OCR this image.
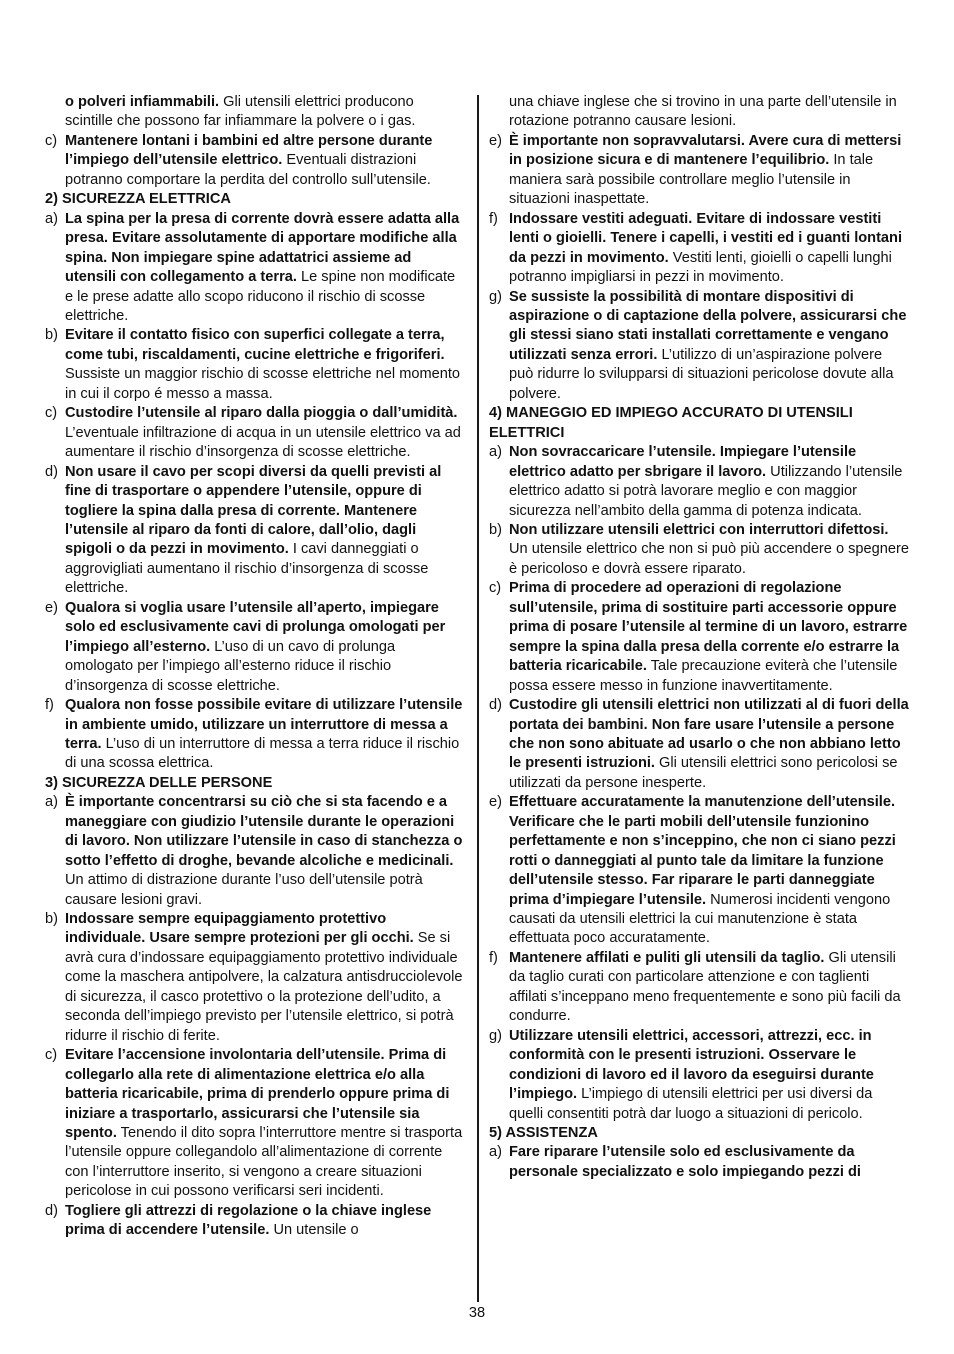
o polveri infiammabili. Gli utensili elettrici producono scintille che possono far infiammare la polvere o i gas.
c) Mantenere lontani i bambini ed altre persone durante l’impiego dell’utensile elettrico. Eventuali distrazioni potranno comportare la perdita del controllo sull’utensile.
2) SICUREZZA ELETTRICA
a) La spina per la presa di corrente dovrà essere adatta alla presa. Evitare assolutamente di apportare modifiche alla spina. Non impiegare spine adattatrici assieme ad utensili con collegamento a terra. Le spine non modificate e le prese adatte allo scopo riducono il rischio di scosse elettriche.
b) Evitare il contatto fisico con superfici collegate a terra, come tubi, riscaldamenti, cucine elettriche e frigoriferi. Sussiste un maggior rischio di scosse elettriche nel momento in cui il corpo é messo a massa.
c) Custodire l’utensile al riparo dalla pioggia o dall’umidità. L’eventuale infiltrazione di acqua in un utensile elettrico va ad aumentare il rischio d’insorgenza di scosse elettriche.
d) Non usare il cavo per scopi diversi da quelli previsti al fine di trasportare o appendere l’utensile, oppure di togliere la spina dalla presa di corrente. Mantenere l’utensile al riparo da fonti di calore, dall’olio, dagli spigoli o da pezzi in movimento. I cavi danneggiati o aggrovigliati aumentano il rischio d’insorgenza di scosse elettriche.
e) Qualora si voglia usare l’utensile all’aperto, impiegare solo ed esclusivamente cavi di prolunga omologati per l’impiego all’esterno. L’uso di un cavo di prolunga omologato per l’impiego all’esterno riduce il rischio d’insorgenza di scosse elettriche.
f) Qualora non fosse possibile evitare di utilizzare l’utensile in ambiente umido, utilizzare un interruttore di messa a terra. L’uso di un interruttore di messa a terra riduce il rischio di una scossa elettrica.
3) SICUREZZA DELLE PERSONE
a) È importante concentrarsi su ciò che si sta facendo e a maneggiare con giudizio l’utensile durante le operazioni di lavoro. Non utilizzare l’utensile in caso di stanchezza o sotto l’effetto di droghe, bevande alcoliche e medicinali. Un attimo di distrazione durante l’uso dell’utensile potrà causare lesioni gravi.
b) Indossare sempre equipaggiamento protettivo individuale. Usare sempre protezioni per gli occhi. Se si avrà cura d’indossare equipaggiamento protettivo individuale come la maschera antipolvere, la calzatura antisdrucciolevole di sicurezza, il casco protettivo o la protezione dell’udito, a seconda dell’impiego previsto per l’utensile elettrico, si potrà ridurre il rischio di ferite.
c) Evitare l’accensione involontaria dell’utensile. Prima di collegarlo alla rete di alimentazione elettrica e/o alla batteria ricaricabile, prima di prenderlo oppure prima di iniziare a trasportarlo, assicurarsi che l’utensile sia spento. Tenendo il dito sopra l’interruttore mentre si trasporta l’utensile oppure collegandolo all’alimentazione di corrente con l’interruttore inserito, si vengono a creare situazioni pericolose in cui possono verificarsi seri incidenti.
d) Togliere gli attrezzi di regolazione o la chiave inglese prima di accendere l’utensile. Un utensile o
una chiave inglese che si trovino in una parte dell’utensile in rotazione potranno causare lesioni.
e) È importante non sopravvalutarsi. Avere cura di mettersi in posizione sicura e di mantenere l’equilibrio. In tale maniera sarà possibile controllare meglio l’utensile in situazioni inaspettate.
f) Indossare vestiti adeguati. Evitare di indossare vestiti lenti o gioielli. Tenere i capelli, i vestiti ed i guanti lontani da pezzi in movimento. Vestiti lenti, gioielli o capelli lunghi potranno impigliarsi in pezzi in movimento.
g) Se sussiste la possibilità di montare dispositivi di aspirazione o di captazione della polvere, assicurarsi che gli stessi siano stati installati correttamente e vengano utilizzati senza errori. L’utilizzo di un’aspirazione polvere può ridurre lo svilupparsi di situazioni pericolose dovute alla polvere.
4) MANEGGIO ED IMPIEGO ACCURATO DI UTENSILI ELETTRICI
a) Non sovraccaricare l’utensile. Impiegare l’utensile elettrico adatto per sbrigare il lavoro. Utilizzando l’utensile elettrico adatto si potrà lavorare meglio e con maggior sicurezza nell’ambito della gamma di potenza indicata.
b) Non utilizzare utensili elettrici con interruttori difettosi. Un utensile elettrico che non si può più accendere o spegnere è pericoloso e dovrà essere riparato.
c) Prima di procedere ad operazioni di regolazione sull’utensile, prima di sostituire parti accessorie oppure prima di posare l’utensile al termine di un lavoro, estrarre sempre la spina dalla presa della corrente e/o estrarre la batteria ricaricabile. Tale precauzione eviterà che l’utensile possa essere messo in funzione inavvertitamente.
d) Custodire gli utensili elettrici non utilizzati al di fuori della portata dei bambini. Non fare usare l’utensile a persone che non sono abituate ad usarlo o che non abbiano letto le presenti istruzioni. Gli utensili elettrici sono pericolosi se utilizzati da persone inesperte.
e) Effettuare accuratamente la manutenzione dell’utensile. Verificare che le parti mobili dell’utensile funzionino perfettamente e non s’inceppino, che non ci siano pezzi rotti o danneggiati al punto tale da limitare la funzione dell’utensile stesso. Far riparare le parti danneggiate prima d’impiegare l’utensile. Numerosi incidenti vengono causati da utensili elettrici la cui manutenzione è stata effettuata poco accuratamente.
f) Mantenere affilati e puliti gli utensili da taglio. Gli utensili da taglio curati con particolare attenzione e con taglienti affilati s’inceppano meno frequentemente e sono più facili da condurre.
g) Utilizzare utensili elettrici, accessori, attrezzi, ecc. in conformità con le presenti istruzioni. Osservare le condizioni di lavoro ed il lavoro da eseguirsi durante l’impiego. L’impiego di utensili elettrici per usi diversi da quelli consentiti potrà dar luogo a situazioni di pericolo.
5) ASSISTENZA
a) Fare riparare l’utensile solo ed esclusivamente da personale specializzato e solo impiegando pezzi di
38
